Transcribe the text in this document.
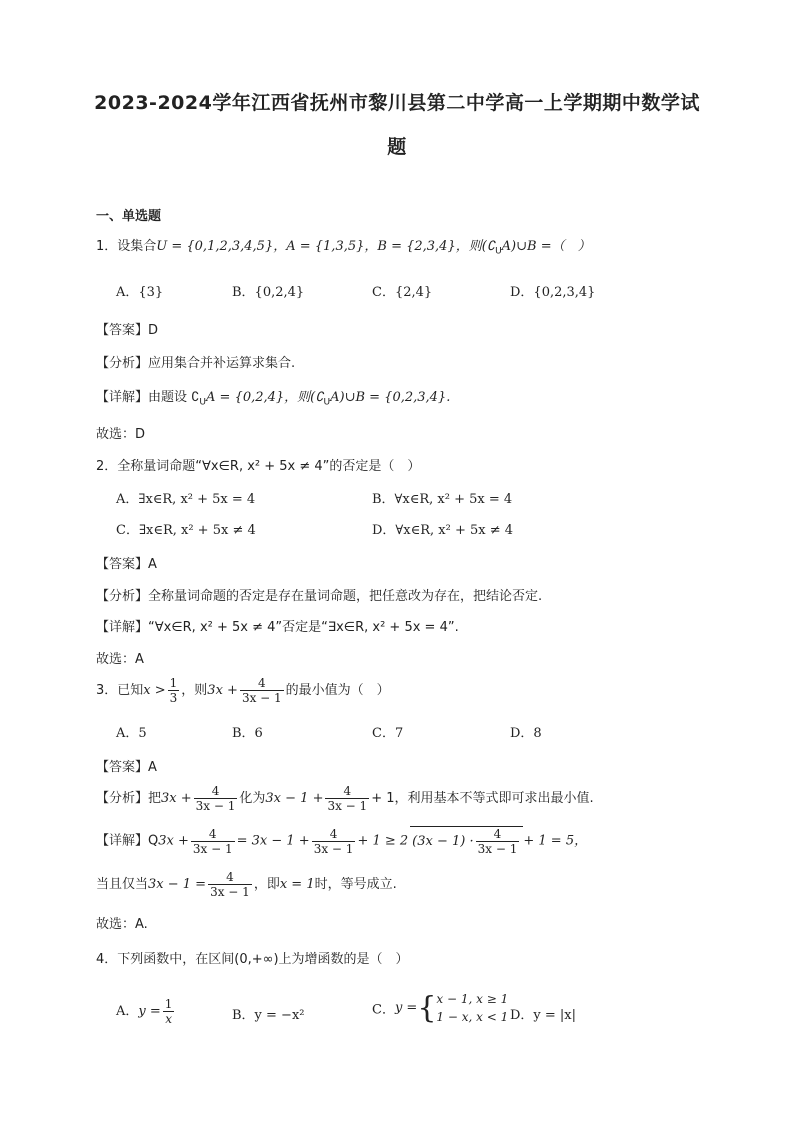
2023-2024学年江西省抚州市黎川县第二中学高一上学期期中数学试
题
一、单选题
1．设集合U = {0,1,2,3,4,5}，A = {1,3,5}，B = {2,3,4}，则$(∁_UA)\cup B$ =（　）
A．{3}	B．{0,2,4}	C．{2,4}	D．{0,2,3,4}
【答案】D
【分析】应用集合并补运算求集合.
【详解】由题设 $∁_UA = \{0,2,4\}$，则$(∁_UA)\cup B = \{0,2,3,4\}$.
故选：D
2．全称量词命题“∀x∈R, x² + 5x ≠ 4”的否定是（　）
A．∃x∈R, x² + 5x = 4	B．∀x∈R, x² + 5x = 4
C．∃x∈R, x² + 5x ≠ 4	D．∀x∈R, x² + 5x ≠ 4
【答案】A
【分析】全称量词命题的否定是存在量词命题，把任意改为存在，把结论否定.
【详解】“∀x∈R, x² + 5x ≠ 4”否定是“∃x∈R, x² + 5x = 4”.
故选：A
3．已知$x > \frac{1}{3}$ ，则$3x + \frac{4}{3x - 1}$ 的最小值为（　）
A．5	B．6	C．7	D．8
【答案】A
【分析】把$3x + \frac{4}{3x - 1}$ 化为$3x - 1 + \frac{4}{3x - 1} + 1$，利用基本不等式即可求出最小值.
【详解】$Q3x + \frac{4}{3x - 1} = 3x - 1 + \frac{4}{3x - 1} + 1 \ge 2$ $(3x - 1) \cdot \frac{4}{3x - 1} + 1 = 5$，
当且仅当$3x - 1 = \frac{4}{3x - 1}$ ，即x = 1时，等号成立.
故选：A.
4．下列函数中，在区间(0,+∞)上为增函数的是（　）
A．$y = \frac{1}{x}$	B．y = −x²	C．y ={ x − 1, x ≥ 1
1 − x, x < 1 D．y = |x|
